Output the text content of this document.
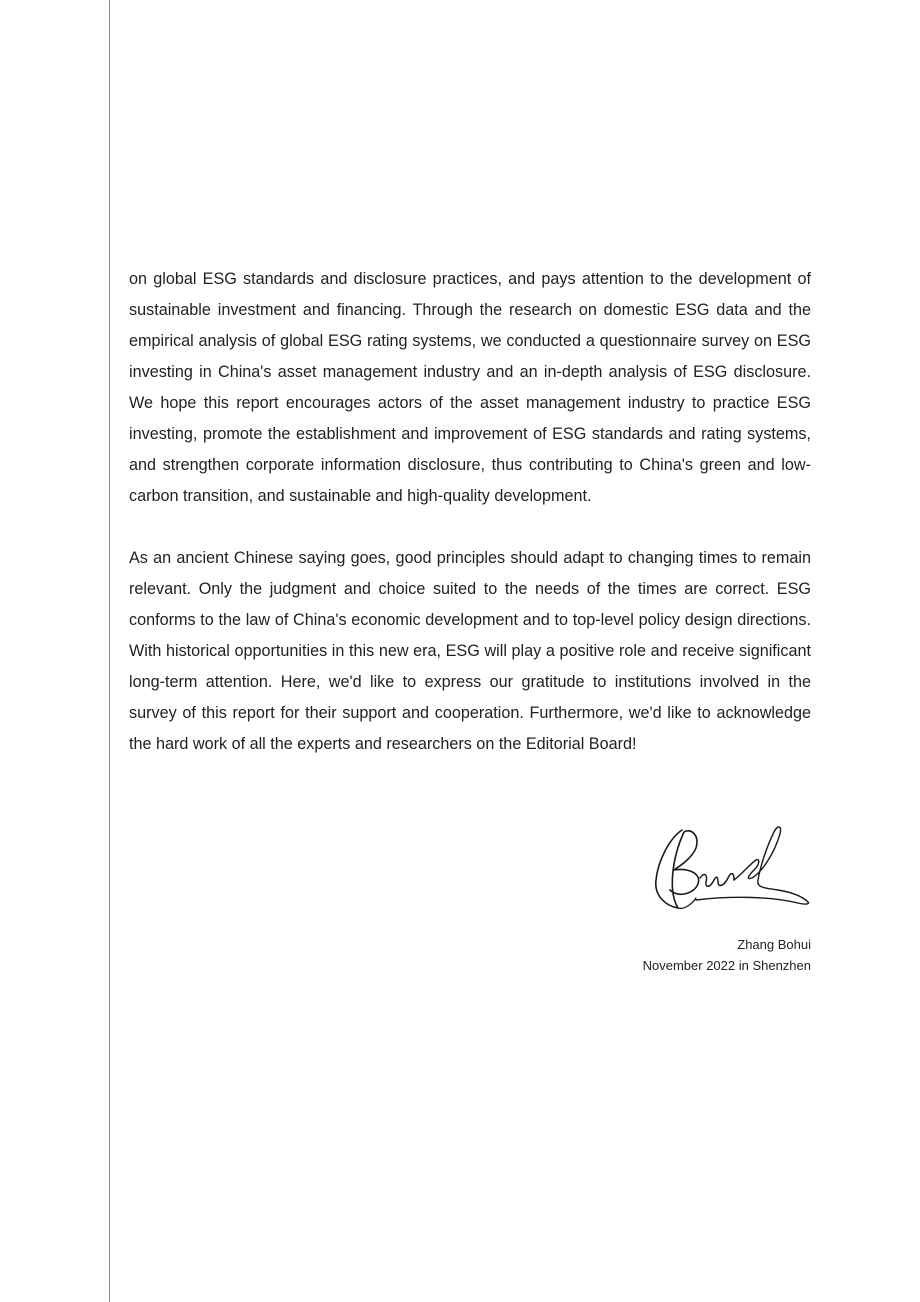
on global ESG standards and disclosure practices, and pays attention to the development of sustainable investment and financing. Through the research on domestic ESG data and the empirical analysis of global ESG rating systems, we conducted a questionnaire survey on ESG investing in China's asset management industry and an in-depth analysis of ESG disclosure. We hope this report encourages actors of the asset management industry to practice ESG investing, promote the establishment and improvement of ESG standards and rating systems, and strengthen corporate information disclosure, thus contributing to China's green and low-carbon transition, and sustainable and high-quality development.

As an ancient Chinese saying goes, good principles should adapt to changing times to remain relevant. Only the judgment and choice suited to the needs of the times are correct. ESG conforms to the law of China's economic development and to top-level policy design directions. With historical opportunities in this new era, ESG will play a positive role and receive significant long-term attention. Here, we'd like to express our gratitude to institutions involved in the survey of this report for their support and cooperation. Furthermore, we'd like to acknowledge the hard work of all the experts and researchers on the Editorial Board!

Zhang Bohui
November 2022 in Shenzhen
